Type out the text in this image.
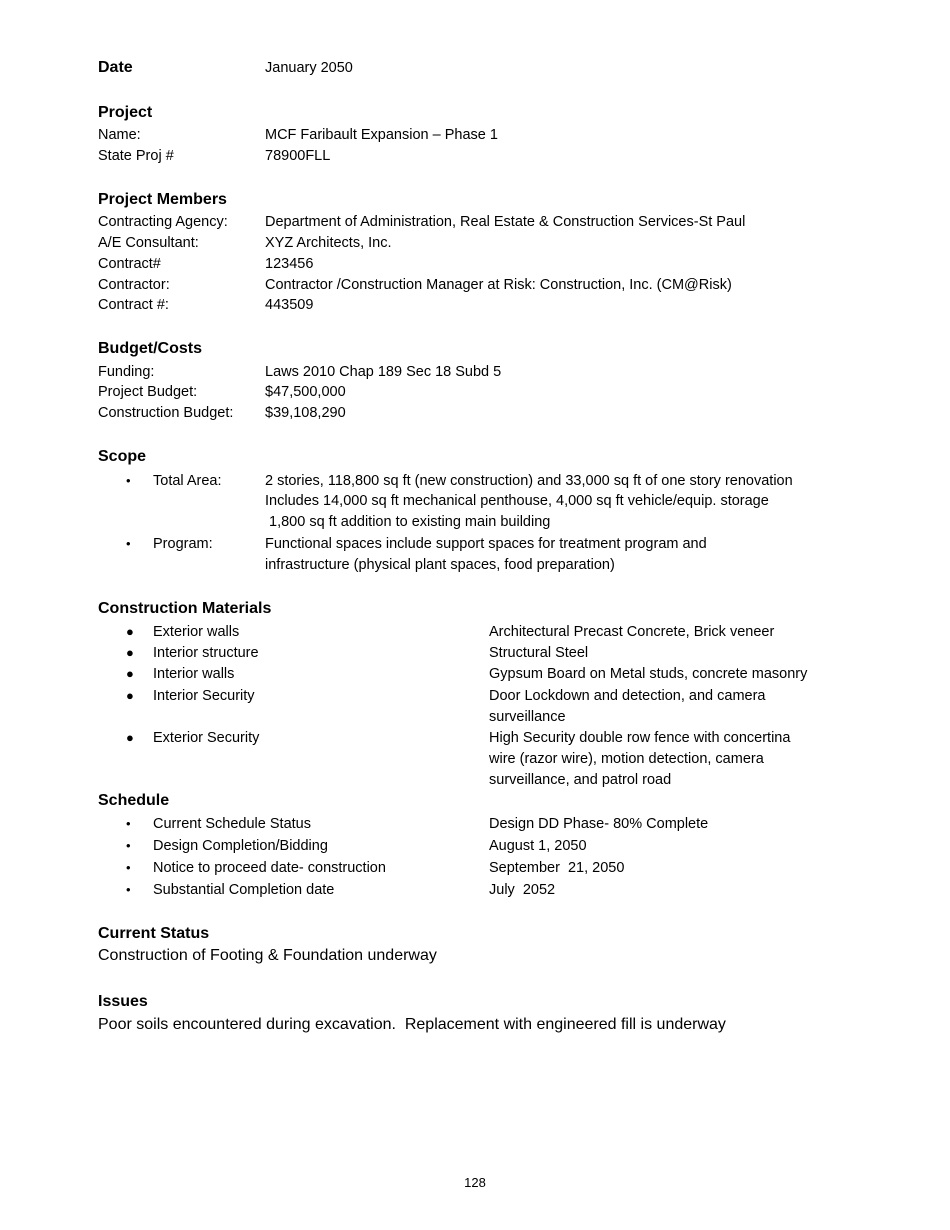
Date	January 2050
Project
Name:	MCF Faribault Expansion – Phase 1
State Proj #	78900FLL
Project Members
Contracting Agency:	Department of Administration, Real Estate & Construction Services-St Paul
A/E Consultant:	XYZ Architects, Inc.
Contract#	123456
Contractor:	Contractor /Construction Manager at Risk: Construction, Inc. (CM@Risk)
Contract #:	443509
Budget/Costs
Funding:	Laws 2010 Chap 189 Sec 18 Subd 5
Project Budget:	$47,500,000
Construction Budget: $39,108,290
Scope
• Total Area:	2 stories, 118,800 sq ft (new construction) and 33,000 sq ft of one story renovation
Includes 14,000 sq ft mechanical penthouse, 4,000 sq ft vehicle/equip. storage
1,800 sq ft addition to existing main building
• Program:	Functional spaces include support spaces for treatment program and
infrastructure (physical plant spaces, food preparation)
Construction Materials
● Exterior walls	Architectural Precast Concrete, Brick veneer
● Interior structure	Structural Steel
● Interior walls	Gypsum Board on Metal studs, concrete masonry
● Interior Security	Door Lockdown and detection, and camera
surveillance
● Exterior Security	High Security double row fence with concertina
wire (razor wire), motion detection, camera
surveillance, and patrol road
Schedule
• Current Schedule Status	Design DD Phase- 80% Complete
• Design Completion/Bidding	August 1, 2050
• Notice to proceed date- construction	September  21, 2050
• Substantial Completion date	July  2052
Current Status
Construction of Footing & Foundation underway
Issues
Poor soils encountered during excavation.  Replacement with engineered fill is underway
128
